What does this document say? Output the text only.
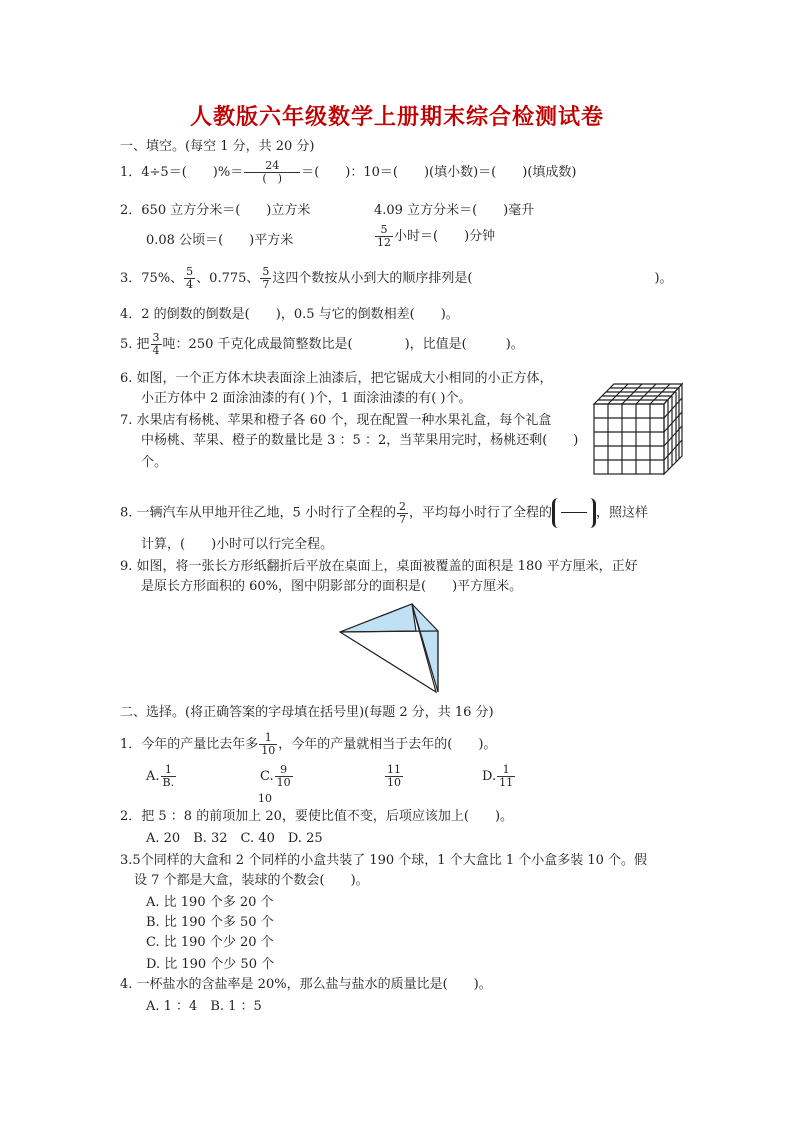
人教版六年级数学上册期末综合检测试卷
一、填空。(每空 1 分，共 20 分)
1．4÷5＝(　　)%＝ $\frac{24}{( )}$ ＝(　　)：10＝(　　)(填小数)＝(　　)(填成数)
2．650 立方分米＝(　　)立方米	4.09 立方分米＝(　　)毫升
0.08 公顷＝(　　)平方米	$\frac{5}{12}$ 小时＝(　　)分钟
3．75%、 $\frac{5}{4}$ 、0.775、 $\frac{5}{7}$ 这四个数按从小到大的顺序排列是(　　　　　　　　　　　　　　)。
4．2 的倒数的倒数是(　　)，0.5 与它的倒数相差(　　)。
5. 把 $\frac{3}{4}$ 吨：250 千克化成最简整数比是(　　　　)，比值是(　　　)。
6. 如图，一个正方体木块表面涂上油漆后，把它锯成大小相同的小正方体，
小正方体中 2 面涂油漆的有( )个，1 面涂油漆的有( )个。
7. 水果店有杨桃、苹果和橙子各 60 个，现在配置一种水果礼盒，每个礼盒
中杨桃、苹果、橙子的数量比是 3 ：5 ：2，当苹果用完时，杨桃还剩(　　)
个。
8. 一辆汽车从甲地开往乙地，5 小时行了全程的 $\frac{2}{7}$ ，平均每小时行了全程的	，照这样
计算，(　　)小时可以行完全程。
9. 如图，将一张长方形纸翻折后平放在桌面上，桌面被覆盖的面积是 180 平方厘米，正好
是原长方形面积的 60%，图中阴影部分的面积是(　　)平方厘米。
二、选择。(将正确答案的字母填在括号里)(每题 2 分，共 16 分)
1．今年的产量比去年多 $\frac{1}{10}$ ，今年的产量就相当于去年的(　　)。
A. $\frac{1}{B.}$	C. $\frac{9}{10}$
10
$\frac{11}{10}$	D. $\frac{1}{11}$
2．把 5 ：8 的前项加上 20，要使比值不变，后项应该加上(　　)。
A. 20　B. 32　C. 40　D. 25
3.5个同样的大盒和 2 个同样的小盒共装了 190 个球，1 个大盒比 1 个小盒多装 10 个。假
设 7 个都是大盒，装球的个数会(　　)。
A. 比 190 个多 20 个
B. 比 190 个多 50 个
C. 比 190 个少 20 个
D. 比 190 个少 50 个
4. 一杯盐水的含盐率是 20%，那么盐与盐水的质量比是(　　)。
A. 1 ：4　B. 1 ：5
